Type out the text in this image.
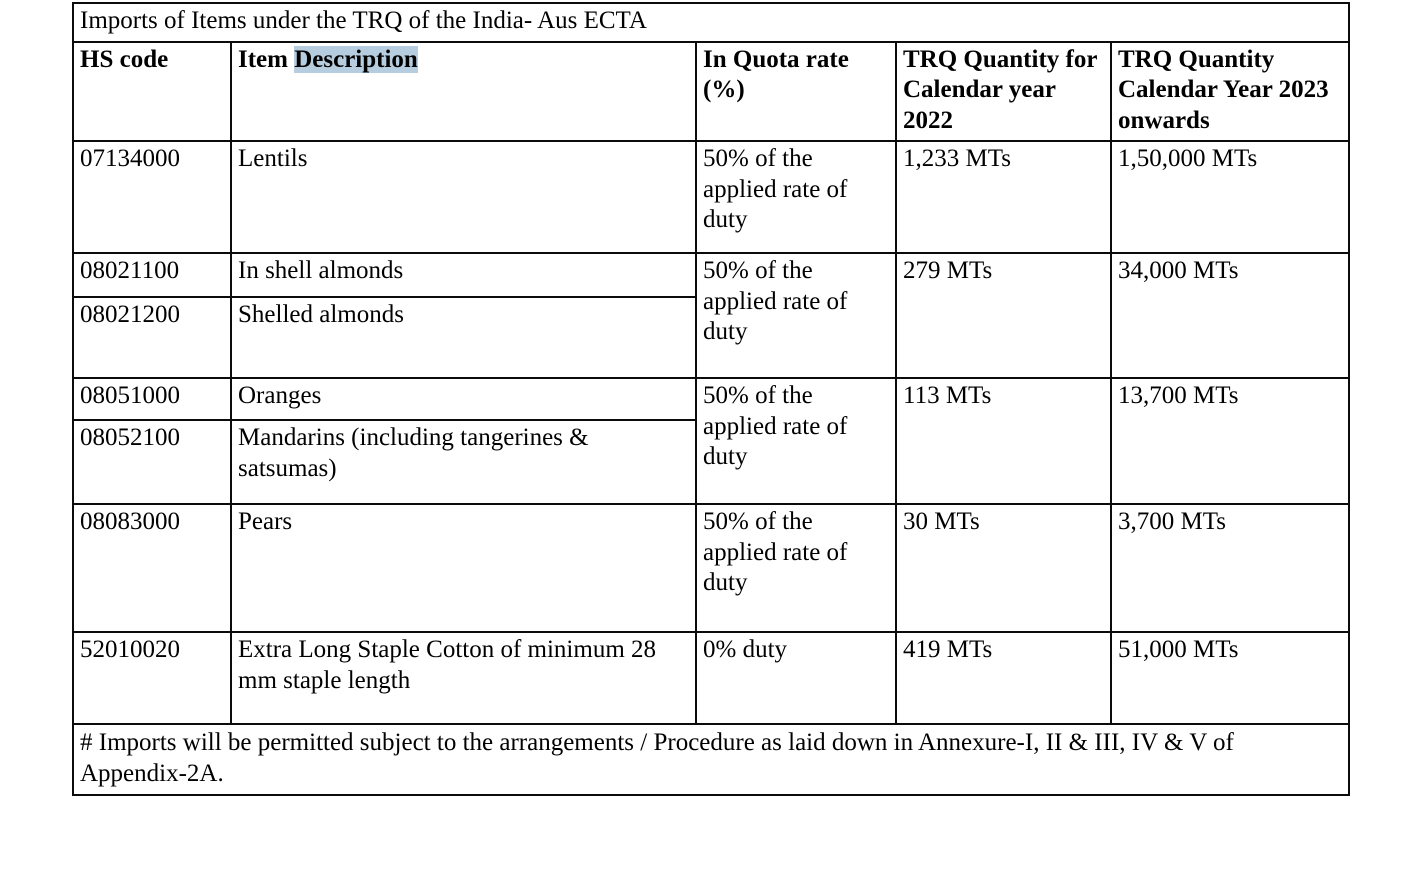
Imports of Items under the TRQ of the India- Aus ECTA				
HS code	Item Description	In Quota rate (%)	TRQ Quantity for Calendar year 2022	TRQ Quantity Calendar Year 2023 onwards
07134000	Lentils	50% of the applied rate of duty	1,233 MTs	1,50,000 MTs
08021100	In shell almonds	50% of the applied rate of duty	279 MTs	34,000 MTs
08021200	Shelled almonds			
08051000	Oranges	50% of the applied rate of duty	113 MTs	13,700 MTs
08052100	Mandarins (including tangerines & satsumas)			
08083000	Pears	50% of the applied rate of duty	30 MTs	3,700 MTs
52010020	Extra Long Staple Cotton of minimum 28 mm staple length	0% duty	419 MTs	51,000 MTs
# Imports will be permitted subject to the arrangements / Procedure as laid down in Annexure-I, II & III, IV & V of Appendix-2A.				
